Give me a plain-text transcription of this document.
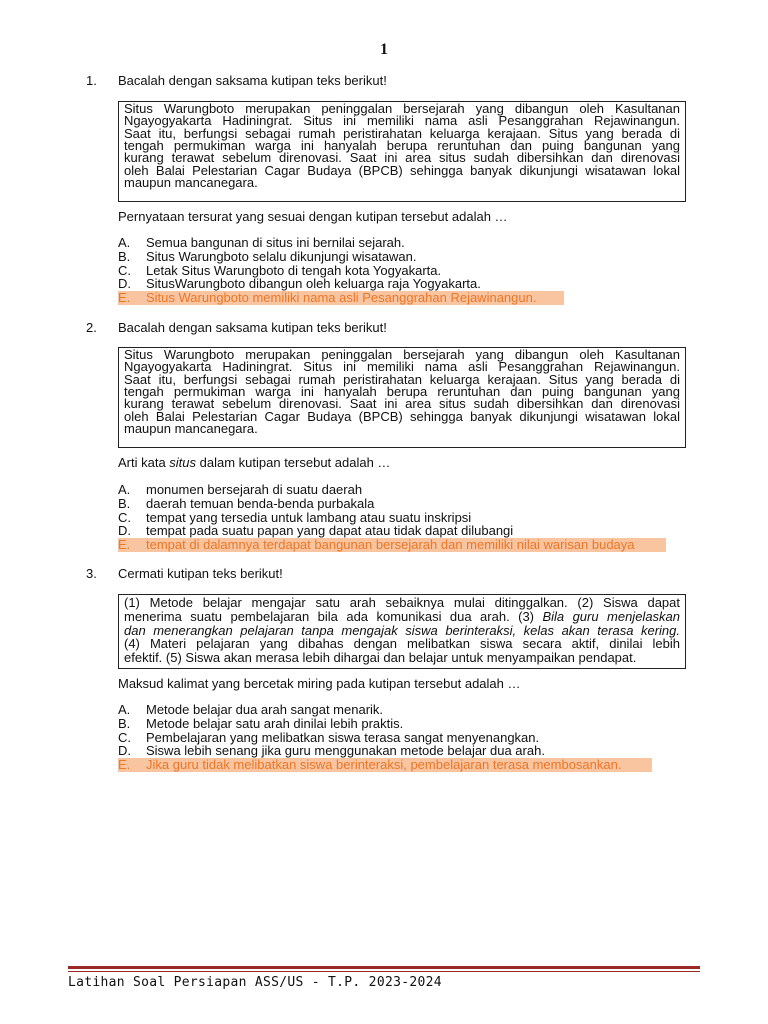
1
1. Bacalah dengan saksama kutipan teks berikut!
Situs Warungboto merupakan peninggalan bersejarah yang dibangun oleh Kasultanan
Ngayogyakarta Hadiningrat. Situs ini memiliki nama asli Pesanggrahan Rejawinangun.
Saat itu, berfungsi sebagai rumah peristirahatan keluarga kerajaan. Situs yang berada di
tengah permukiman warga ini hanyalah berupa reruntuhan dan puing bangunan yang
kurang terawat sebelum direnovasi. Saat ini area situs sudah dibersihkan dan direnovasi
oleh Balai Pelestarian Cagar Budaya (BPCB) sehingga banyak dikunjungi wisatawan lokal
maupun mancanegara.
Pernyataan tersurat yang sesuai dengan kutipan tersebut adalah …
A. Semua bangunan di situs ini bernilai sejarah.
B. Situs Warungboto selalu dikunjungi wisatawan.
C. Letak Situs Warungboto di tengah kota Yogyakarta.
D. SitusWarungboto dibangun oleh keluarga raja Yogyakarta.
E. Situs Warungboto memiliki nama asli Pesanggrahan Rejawinangun.
2. Bacalah dengan saksama kutipan teks berikut!
Situs Warungboto merupakan peninggalan bersejarah yang dibangun oleh Kasultanan
Ngayogyakarta Hadiningrat. Situs ini memiliki nama asli Pesanggrahan Rejawinangun.
Saat itu, berfungsi sebagai rumah peristirahatan keluarga kerajaan. Situs yang berada di
tengah permukiman warga ini hanyalah berupa reruntuhan dan puing bangunan yang
kurang terawat sebelum direnovasi. Saat ini area situs sudah dibersihkan dan direnovasi
oleh Balai Pelestarian Cagar Budaya (BPCB) sehingga banyak dikunjungi wisatawan lokal
maupun mancanegara.
Arti kata situs dalam kutipan tersebut adalah …
A. monumen bersejarah di suatu daerah
B. daerah temuan benda-benda purbakala
C. tempat yang tersedia untuk lambang atau suatu inskripsi
D. tempat pada suatu papan yang dapat atau tidak dapat dilubangi
E. tempat di dalamnya terdapat bangunan bersejarah dan memiliki nilai warisan budaya
3. Cermati kutipan teks berikut!
(1) Metode belajar mengajar satu arah sebaiknya mulai ditinggalkan. (2) Siswa dapat
menerima suatu pembelajaran bila ada komunikasi dua arah. (3) Bila guru menjelaskan
dan menerangkan pelajaran tanpa mengajak siswa berinteraksi, kelas akan terasa kering.
(4) Materi pelajaran yang dibahas dengan melibatkan siswa secara aktif, dinilai lebih
efektif. (5) Siswa akan merasa lebih dihargai dan belajar untuk menyampaikan pendapat.
Maksud kalimat yang bercetak miring pada kutipan tersebut adalah …
A. Metode belajar dua arah sangat menarik.
B. Metode belajar satu arah dinilai lebih praktis.
C. Pembelajaran yang melibatkan siswa terasa sangat menyenangkan.
D. Siswa lebih senang jika guru menggunakan metode belajar dua arah.
E. Jika guru tidak melibatkan siswa berinteraksi, pembelajaran terasa membosankan.
Latihan Soal Persiapan ASS/US - T.P. 2023-2024
